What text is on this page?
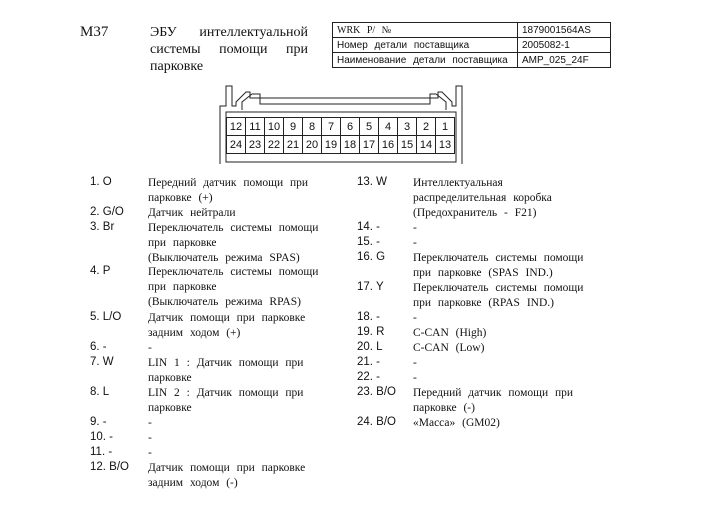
M37	ЭБУ интеллектуальной
системы помощи при
парковке
WRK P/ №	1879001564AS
Номер детали поставщика	2005082-1
Наименование детали поставщика	AMP_025_24F
12	11	10	9	8	7	6	5	4	3	2	1
24	23	22	21	20	19	18	17	16	15	14	13
1. O	Передний датчик помощи при
парковке (+)
2. G/O Датчик нейтрали
3. Br	Переключатель системы помощи
при парковке
(Выключатель режима SPAS)
4. P	Переключатель системы помощи
при парковке
(Выключатель режима RPAS)
5. L/O Датчик помощи при парковке
задним ходом (+)
6. -	-
7. W	LIN 1 : Датчик помощи при
парковке
8. L	LIN 2 : Датчик помощи при
парковке
9. -	-
10. -	-
11. -	-
12. B/O Датчик помощи при парковке
задним ходом (-)
13. W Интеллектуальная
распределительная коробка
(Предохранитель - F21)
14. -	-
15. -	-
16. G Переключатель системы помощи
при парковке (SPAS IND.)
17. Y	Переключатель системы помощи
при парковке (RPAS IND.)
18. -	-
19. R C-CAN (High)
20. L	C-CAN (Low)
21. -	-
22. -	-
23. B/O Передний датчик помощи при
парковке (-)
24. B/O «Масса» (GM02)
